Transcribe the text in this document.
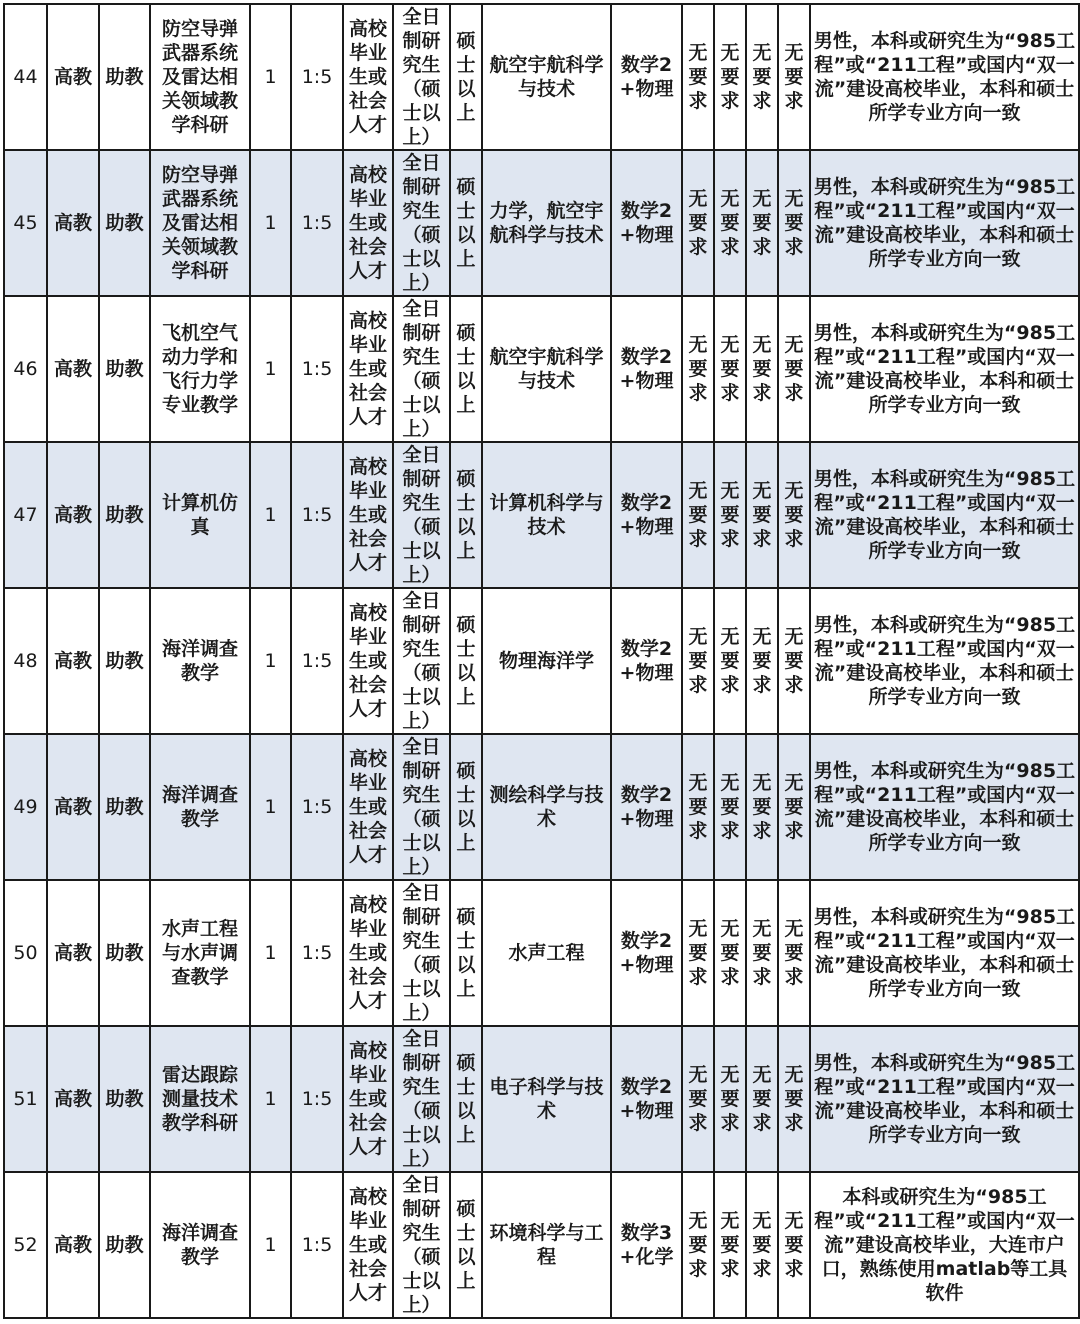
44	高教	助教	防空导弹武器系统及雷达相关领域教学科研	1	1:5	高校毕业生或社会人才	全日制研究生（硕士以上）	硕士以上	航空宇航科学与技术	数学2+物理	无要求	无要求	无要求	无要求	男性，本科或研究生为“985工程”或“211工程”或国内“双一流”建设高校毕业，本科和硕士所学专业方向一致
45	高教	助教	防空导弹武器系统及雷达相关领域教学科研	1	1:5	高校毕业生或社会人才	全日制研究生（硕士以上）	硕士以上	力学，航空宇航科学与技术	数学2+物理	无要求	无要求	无要求	无要求	男性，本科或研究生为“985工程”或“211工程”或国内“双一流”建设高校毕业，本科和硕士所学专业方向一致
46	高教	助教	飞机空气动力学和飞行力学专业教学	1	1:5	高校毕业生或社会人才	全日制研究生（硕士以上）	硕士以上	航空宇航科学与技术	数学2+物理	无要求	无要求	无要求	无要求	男性，本科或研究生为“985工程”或“211工程”或国内“双一流”建设高校毕业，本科和硕士所学专业方向一致
47	高教	助教	计算机仿真	1	1:5	高校毕业生或社会人才	全日制研究生（硕士以上）	硕士以上	计算机科学与技术	数学2+物理	无要求	无要求	无要求	无要求	男性，本科或研究生为“985工程”或“211工程”或国内“双一流”建设高校毕业，本科和硕士所学专业方向一致
48	高教	助教	海洋调查教学	1	1:5	高校毕业生或社会人才	全日制研究生（硕士以上）	硕士以上	物理海洋学	数学2+物理	无要求	无要求	无要求	无要求	男性，本科或研究生为“985工程”或“211工程”或国内“双一流”建设高校毕业，本科和硕士所学专业方向一致
49	高教	助教	海洋调查教学	1	1:5	高校毕业生或社会人才	全日制研究生（硕士以上）	硕士以上	测绘科学与技术	数学2+物理	无要求	无要求	无要求	无要求	男性，本科或研究生为“985工程”或“211工程”或国内“双一流”建设高校毕业，本科和硕士所学专业方向一致
50	高教	助教	水声工程与水声调查教学	1	1:5	高校毕业生或社会人才	全日制研究生（硕士以上）	硕士以上	水声工程	数学2+物理	无要求	无要求	无要求	无要求	男性，本科或研究生为“985工程”或“211工程”或国内“双一流”建设高校毕业，本科和硕士所学专业方向一致
51	高教	助教	雷达跟踪测量技术教学科研	1	1:5	高校毕业生或社会人才	全日制研究生（硕士以上）	硕士以上	电子科学与技术	数学2+物理	无要求	无要求	无要求	无要求	男性，本科或研究生为“985工程”或“211工程”或国内“双一流”建设高校毕业，本科和硕士所学专业方向一致
52	高教	助教	海洋调查教学	1	1:5	高校毕业生或社会人才	全日制研究生（硕士以上）	硕士以上	环境科学与工程	数学3+化学	无要求	无要求	无要求	无要求	本科或研究生为“985工程”或“211工程”或国内“双一流”建设高校毕业，大连市户口，熟练使用matlab等工具软件
